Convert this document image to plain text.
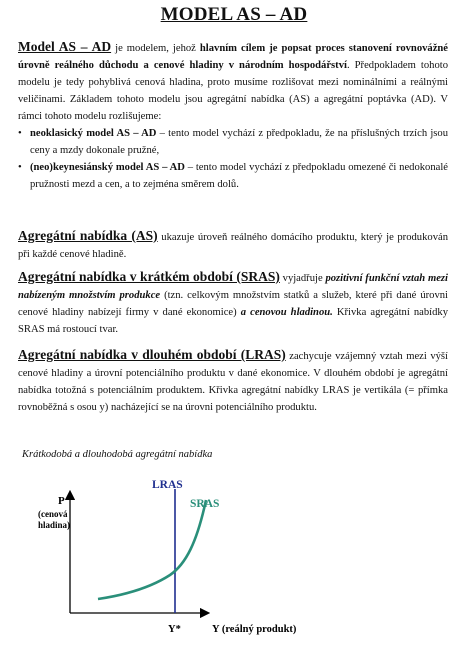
MODEL AS – AD
Model AS – AD je modelem, jehož hlavním cílem je popsat proces stanovení rovnovážné úrovně reálného důchodu a cenové hladiny v národním hospodářství. Předpokladem tohoto modelu je tedy pohyblivá cenová hladina, proto musíme rozlišovat mezi nominálními a reálnými veličinami. Základem tohoto modelu jsou agregátní nabídka (AS) a agregátní poptávka (AD). V rámci tohoto modelu rozlišujeme:
• neoklasický model AS – AD – tento model vychází z předpokladu, že na příslušných trzích jsou ceny a mzdy dokonale pružné,
• (neo)keynesiánský model AS – AD – tento model vychází z předpokladu omezené či nedokonalé pružnosti mezd a cen, a to zejména směrem dolů.
Agregátní nabídka (AS) ukazuje úroveň reálného domácího produktu, který je produkován při každé cenové hladině.
Agregátní nabídka v krátkém období (SRAS) vyjadřuje pozitivní funkční vztah mezi nabízeným množstvím produkce (tzn. celkovým množstvím statků a služeb, které při dané úrovni cenové hladiny nabízejí firmy v dané ekonomice) a cenovou hladinou. Křivka agregátní nabídky SRAS má rostoucí tvar.
Agregátní nabídka v dlouhém období (LRAS) zachycuje vzájemný vztah mezi výší cenové hladiny a úrovní potenciálního produktu v dané ekonomice. V dlouhém období je agregátní nabídka totožná s potenciálním produktem. Křivka agregátní nabídky LRAS je vertikála (= přímka rovnoběžná s osou y) nacházející se na úrovni potenciálního produktu.
Krátkodobá a dlouhodobá agregátní nabídka
LRAS
SRAS
P
(cenová
hladina)
Y*	Y (reálný produkt)
